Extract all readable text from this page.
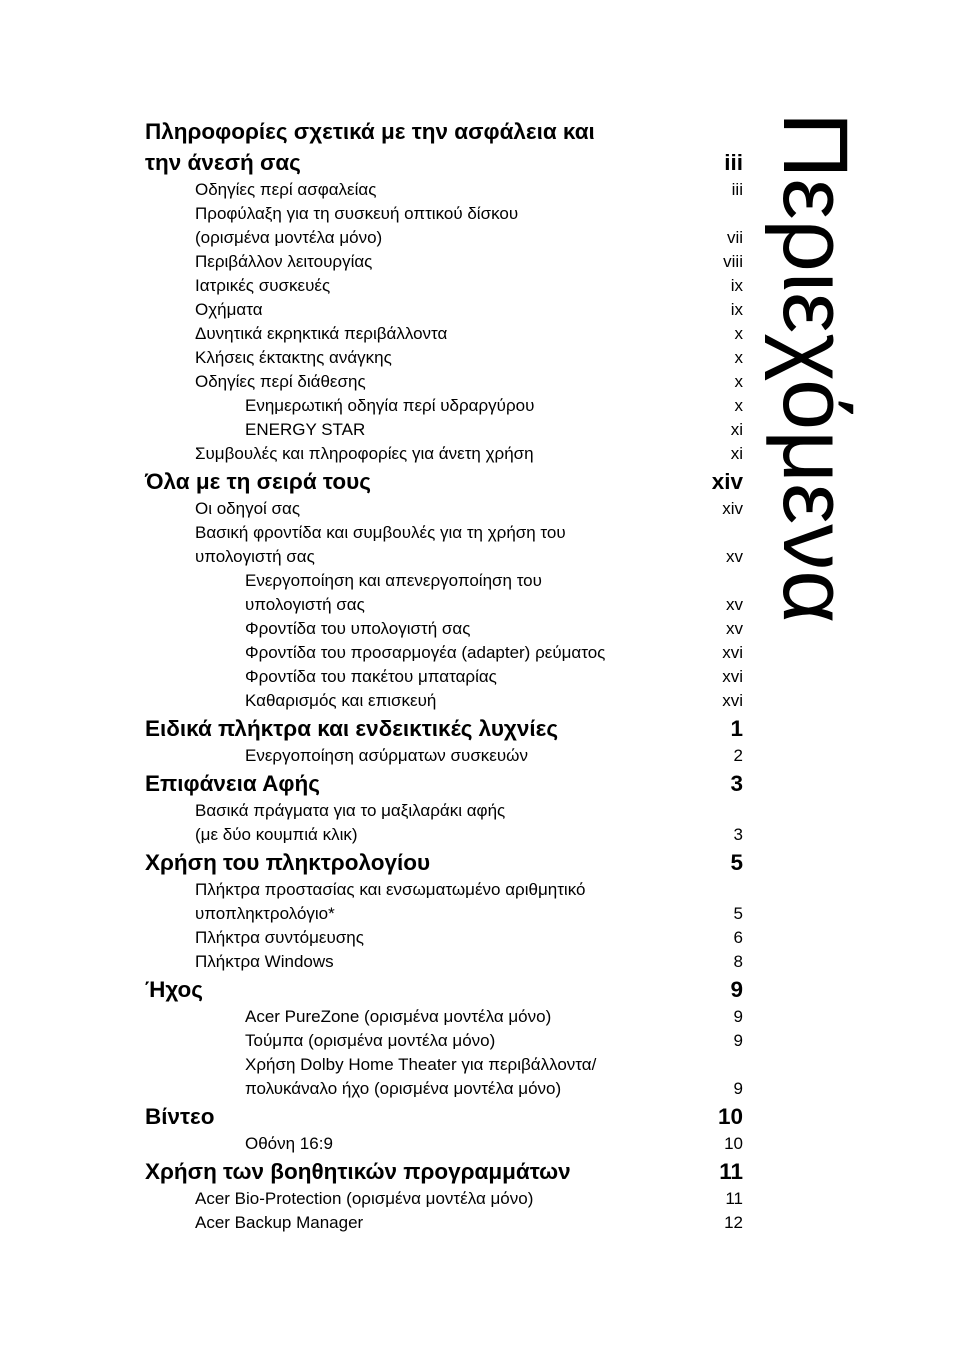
Πληροφορίες σχετικά με την ασφάλεια και
την άνεσή σας	iii
Οδηγίες περί ασφαλείας	iii
Προφύλαξη για τη συσκευή οπτικού δίσκου
(ορισμένα μοντέλα μόνο)	vii
Περιβάλλον λειτουργίας	viii
Ιατρικές συσκευές	ix
Οχήματα	ix
Δυνητικά εκρηκτικά περιβάλλοντα	x
Κλήσεις έκτακτης ανάγκης	x
Οδηγίες περί διάθεσης	x
Ενημερωτική οδηγία περί υδραργύρου	x
ENERGY STAR	xi
Συμβουλές και πληροφορίες για άνετη χρήση	xi
Όλα με τη σειρά τους	xiv
Οι οδηγοί σας	xiv
Βασική φροντίδα και συμβουλές για τη χρήση του
υπολογιστή σας	xv
Ενεργοποίηση και απενεργοποίηση του
υπολογιστή σας	xv
Φροντίδα του υπολογιστή σας	xv
Φροντίδα του προσαρμογέα (adapter) ρεύματος	xvi
Φροντίδα του πακέτου μπαταρίας	xvi
Καθαρισμός και επισκευή	xvi
Ειδικά πλήκτρα και ενδεικτικές λυχνίες	1
Ενεργοποίηση ασύρματων συσκευών	2
Επιφάνεια Αφής	3
Βασικά πράγματα για το μαξιλαράκι αφής
(με δύο κουμπιά κλικ)	3
Χρήση του πληκτρολογίου	5
Πλήκτρα προστασίας και ενσωματωμένο αριθμητικό
υποπληκτρολόγιο*	5
Πλήκτρα συντόμευσης	6
Πλήκτρα Windows	8
Ήχος	9
Acer PureZone (ορισμένα μοντέλα μόνο)	9
Τούμπα (ορισμένα μοντέλα μόνο)	9
Χρήση Dolby Home Theater για περιβάλλοντα/
πολυκάναλο ήχο (ορισμένα μοντέλα μόνο)	9
Βίντεο	10
Οθόνη 16:9	10
Χρήση των βοηθητικών προγραμμάτων	11
Acer Bio-Protection (ορισμένα μοντέλα μόνο)	11
Acer Backup Manager	12
Περιεχόμενα
